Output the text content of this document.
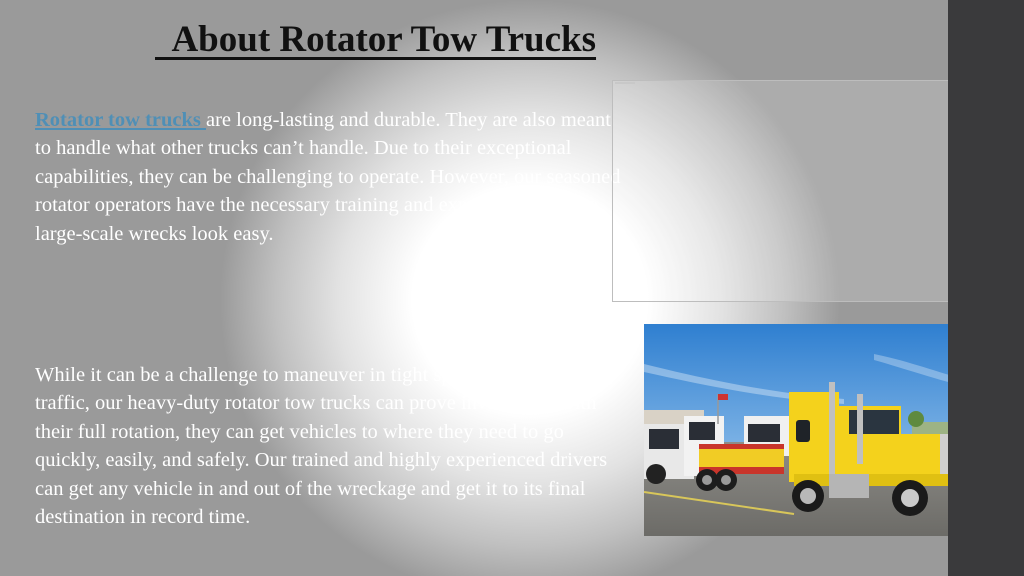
About Rotator Tow Trucks

Rotator tow trucks are long-lasting and durable. They are also meant to handle what other trucks can’t handle. Due to their exceptional capabilities, they can be challenging to operate. However, our seasoned rotator operators have the necessary training and experience to make large-scale wrecks look easy.

While it can be a challenge to maneuver in tight spaces and around traffic, our heavy-duty rotator tow trucks can prove invaluable. With their full rotation, they can get vehicles to where they need to go quickly, easily, and safely. Our trained and highly experienced drivers can get any vehicle in and out of the wreckage and get it to its final destination in record time.
